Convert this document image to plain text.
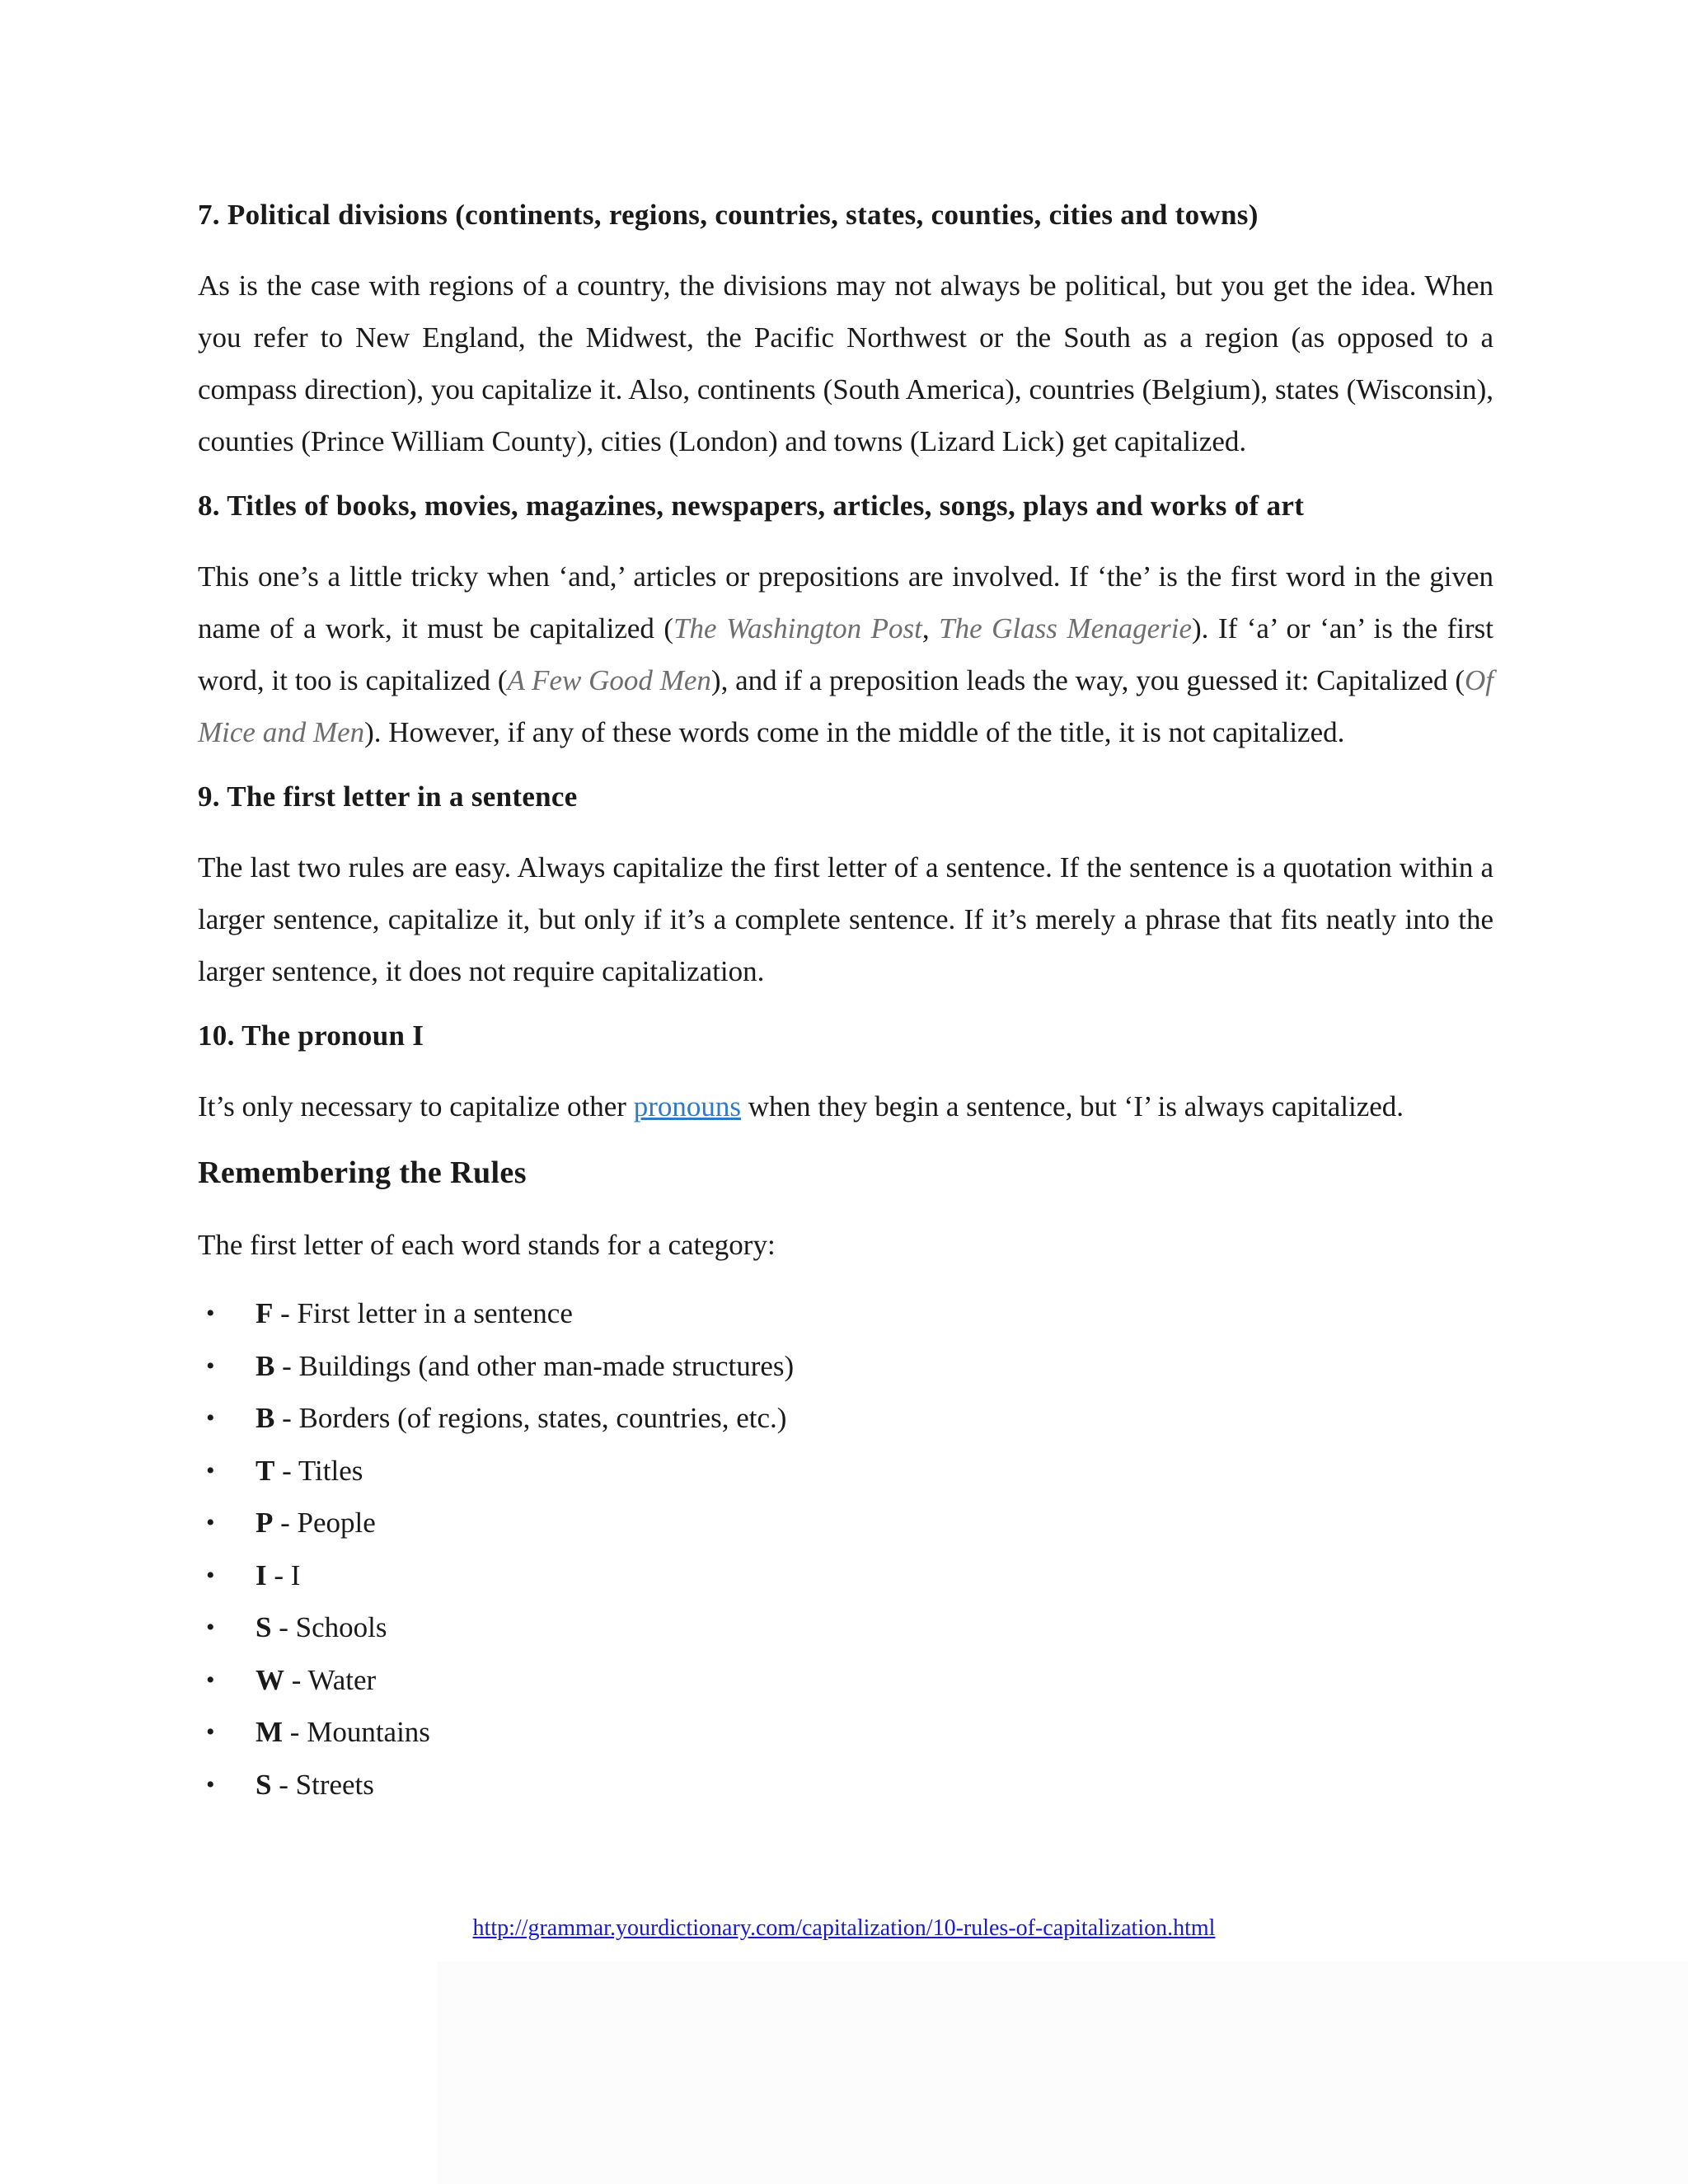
7. Political divisions (continents, regions, countries, states, counties, cities and towns)

As is the case with regions of a country, the divisions may not always be political, but you get the idea. When you refer to New England, the Midwest, the Pacific Northwest or the South as a region (as opposed to a compass direction), you capitalize it. Also, continents (South America), countries (Belgium), states (Wisconsin), counties (Prince William County), cities (London) and towns (Lizard Lick) get capitalized.

8. Titles of books, movies, magazines, newspapers, articles, songs, plays and works of art

This one’s a little tricky when ‘and,’ articles or prepositions are involved. If ‘the’ is the first word in the given name of a work, it must be capitalized (The Washington Post, The Glass Menagerie). If ‘a’ or ‘an’ is the first word, it too is capitalized (A Few Good Men), and if a preposition leads the way, you guessed it: Capitalized (Of Mice and Men). However, if any of these words come in the middle of the title, it is not capitalized.

9. The first letter in a sentence

The last two rules are easy. Always capitalize the first letter of a sentence. If the sentence is a quotation within a larger sentence, capitalize it, but only if it’s a complete sentence. If it’s merely a phrase that fits neatly into the larger sentence, it does not require capitalization.

10. The pronoun I

It’s only necessary to capitalize other pronouns when they begin a sentence, but ‘I’ is always capitalized.

Remembering the Rules

The first letter of each word stands for a category:

• F - First letter in a sentence
• B - Buildings (and other man-made structures)
• B - Borders (of regions, states, countries, etc.)
• T - Titles
• P - People
• I - I
• S - Schools
• W - Water
• M - Mountains
• S - Streets
http://grammar.yourdictionary.com/capitalization/10-rules-of-capitalization.html
